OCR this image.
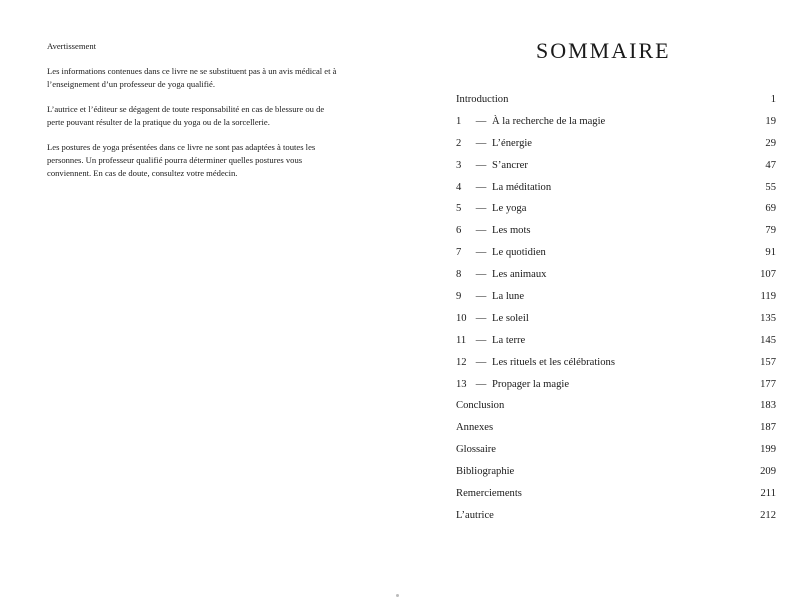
Avertissement

Les informations contenues dans ce livre ne se substituent pas à un avis médical et à l’enseignement d’un professeur de yoga qualifié.

L’autrice et l’éditeur se dégagent de toute responsabilité en cas de blessure ou de perte pouvant résulter de la pratique du yoga ou de la sorcellerie.

Les postures de yoga présentées dans ce livre ne sont pas adaptées à toutes les personnes. Un professeur qualifié pourra déterminer quelles postures vous conviennent. En cas de doute, consultez votre médecin.

SOMMAIRE
Introduction	1
1	— À la recherche de la magie	19
2	— L’énergie	29
3	— S’ancrer	47
4	— La méditation	55
5	— Le yoga	69
6	— Les mots	79
7	— Le quotidien	91
8	— Les animaux	107
9	— La lune	119
10 — Le soleil	135
11 — La terre	145
12 — Les rituels et les célébrations	157
13 — Propager la magie	177
Conclusion	183
Annexes	187
Glossaire	199
Bibliographie	209
Remerciements	211
L’autrice	212
